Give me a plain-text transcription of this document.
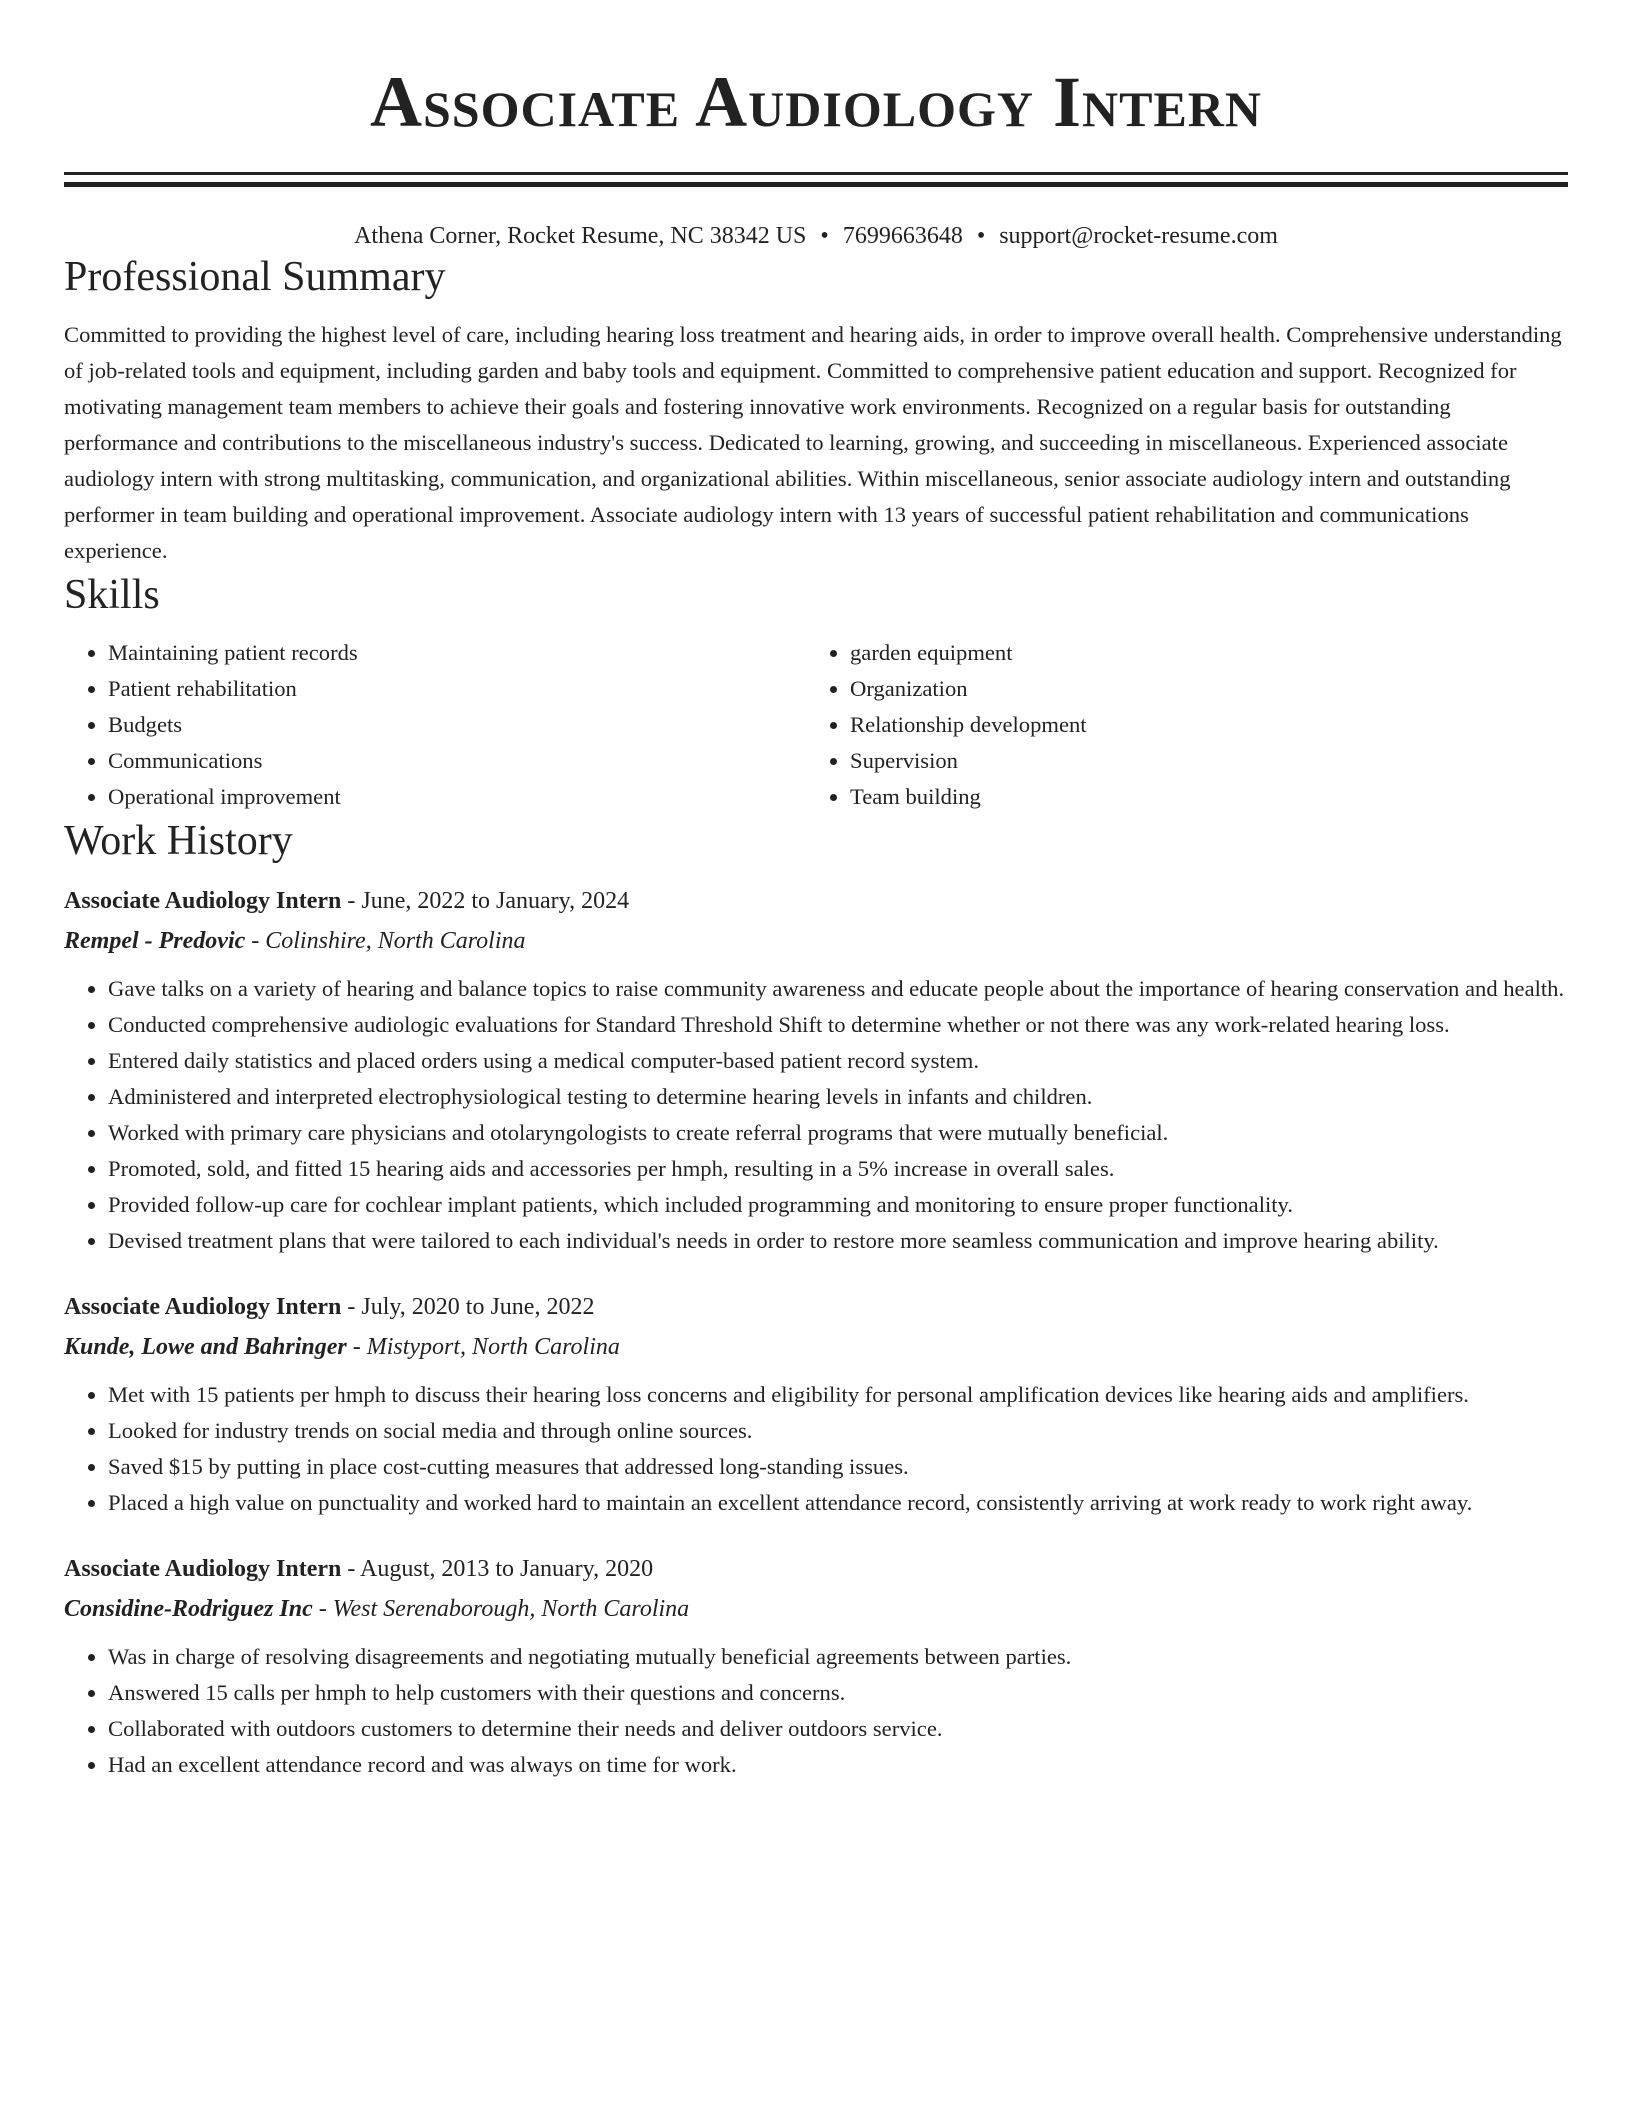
Associate Audiology Intern
Athena Corner, Rocket Resume, NC 38342 US • 7699663648 • support@rocket-resume.com
Professional Summary
Committed to providing the highest level of care, including hearing loss treatment and hearing aids, in order to improve overall health. Comprehensive understanding of job-related tools and equipment, including garden and baby tools and equipment. Committed to comprehensive patient education and support. Recognized for motivating management team members to achieve their goals and fostering innovative work environments. Recognized on a regular basis for outstanding performance and contributions to the miscellaneous industry's success. Dedicated to learning, growing, and succeeding in miscellaneous. Experienced associate audiology intern with strong multitasking, communication, and organizational abilities. Within miscellaneous, senior associate audiology intern and outstanding performer in team building and operational improvement. Associate audiology intern with 13 years of successful patient rehabilitation and communications experience.
Skills
• Maintaining patient records
• Patient rehabilitation
• Budgets
• Communications
• Operational improvement
• garden equipment
• Organization
• Relationship development
• Supervision
• Team building
Work History
Associate Audiology Intern - June, 2022 to January, 2024
Rempel - Predovic - Colinshire, North Carolina
• Gave talks on a variety of hearing and balance topics to raise community awareness and educate people about the importance of hearing conservation and health.
• Conducted comprehensive audiologic evaluations for Standard Threshold Shift to determine whether or not there was any work-related hearing loss.
• Entered daily statistics and placed orders using a medical computer-based patient record system.
• Administered and interpreted electrophysiological testing to determine hearing levels in infants and children.
• Worked with primary care physicians and otolaryngologists to create referral programs that were mutually beneficial.
• Promoted, sold, and fitted 15 hearing aids and accessories per hmph, resulting in a 5% increase in overall sales.
• Provided follow-up care for cochlear implant patients, which included programming and monitoring to ensure proper functionality.
• Devised treatment plans that were tailored to each individual's needs in order to restore more seamless communication and improve hearing ability.
Associate Audiology Intern - July, 2020 to June, 2022
Kunde, Lowe and Bahringer - Mistyport, North Carolina
• Met with 15 patients per hmph to discuss their hearing loss concerns and eligibility for personal amplification devices like hearing aids and amplifiers.
• Looked for industry trends on social media and through online sources.
• Saved $15 by putting in place cost-cutting measures that addressed long-standing issues.
• Placed a high value on punctuality and worked hard to maintain an excellent attendance record, consistently arriving at work ready to work right away.
Associate Audiology Intern - August, 2013 to January, 2020
Considine-Rodriguez Inc - West Serenaborough, North Carolina
• Was in charge of resolving disagreements and negotiating mutually beneficial agreements between parties.
• Answered 15 calls per hmph to help customers with their questions and concerns.
• Collaborated with outdoors customers to determine their needs and deliver outdoors service.
• Had an excellent attendance record and was always on time for work.
